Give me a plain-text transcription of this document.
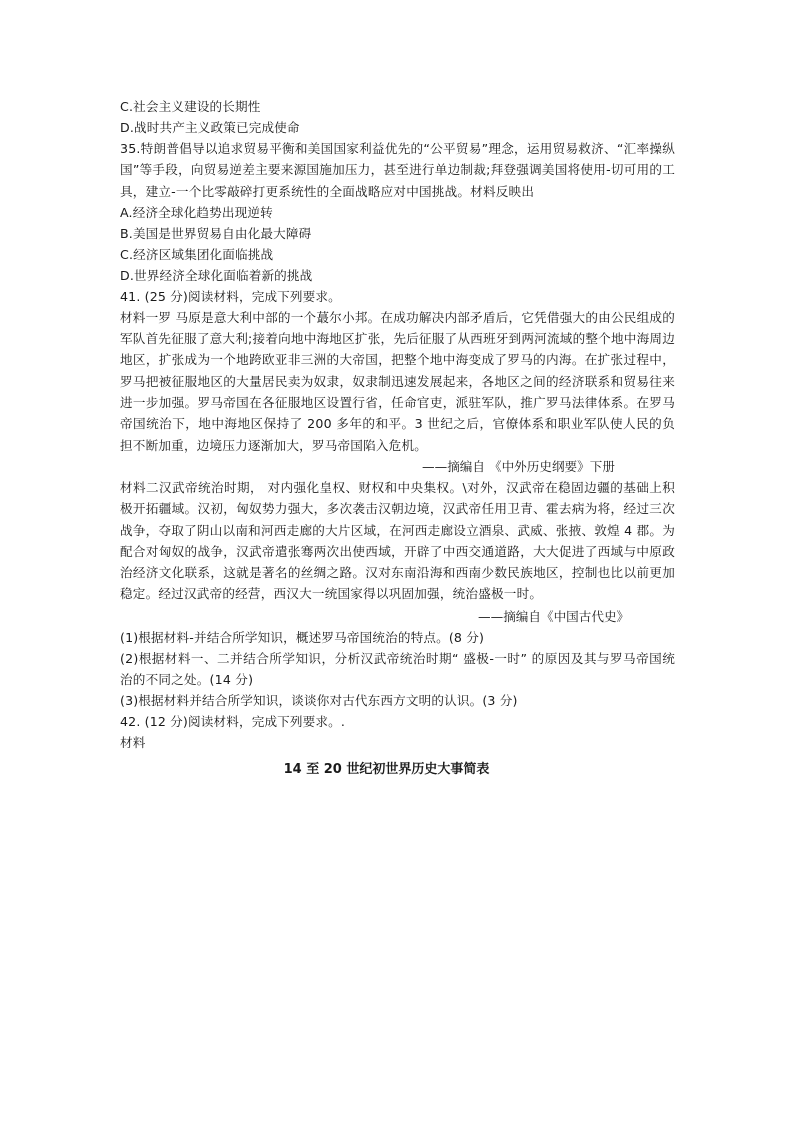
C.社会主义建设的长期性
D.战时共产主义政策已完成使命
35.特朗普倡导以追求贸易平衡和美国国家利益优先的“公平贸易”理念，运用贸易救济、“汇率操纵国”等手段，向贸易逆差主要来源国施加压力，甚至进行单边制裁;拜登强调美国将使用-切可用的工具，建立-一个比零敲碎打更系统性的全面战略应对中国挑战。材料反映出
A.经济全球化趋势出现逆转
B.美国是世界贸易自由化最大障碍
C.经济区域集团化面临挑战
D.世界经济全球化面临着新的挑战
41. (25 分)阅读材料，完成下列要求。
材料一罗 马原是意大利中部的一个蕞尔小邦。在成功解决内部矛盾后，它凭借强大的由公民组成的军队首先征服了意大利;接着向地中海地区扩张，先后征服了从西班牙到两河流域的整个地中海周边地区，扩张成为一个地跨欧亚非三洲的大帝国，把整个地中海变成了罗马的内海。在扩张过程中，罗马把被征服地区的大量居民卖为奴隶，奴隶制迅速发展起来，各地区之间的经济联系和贸易往来进一步加强。罗马帝国在各征服地区设置行省，任命官吏，派驻军队，推广罗马法律体系。在罗马帝国统治下，地中海地区保持了 200 多年的和平。3 世纪之后，官僚体系和职业军队使人民的负担不断加重，边境压力逐渐加大，罗马帝国陷入危机。
——摘编自 《中外历史纲要》下册
材料二汉武帝统治时期， 对内强化皇权、财权和中央集权。\对外，汉武帝在稳固边疆的基础上积极开拓疆域。汉初，匈奴势力强大，多次袭击汉朝边境，汉武帝任用卫青、霍去病为将，经过三次战争，夺取了阴山以南和河西走廊的大片区域，在河西走廊设立酒泉、武威、张掖、敦煌 4 郡。为配合对匈奴的战争，汉武帝遣张骞两次出使西域，开辟了中西交通道路，大大促进了西域与中原政治经济文化联系，这就是著名的丝绸之路。汉对东南沿海和西南少数民族地区，控制也比以前更加稳定。经过汉武帝的经营，西汉大一统国家得以巩固加强，统治盛极一时。
——摘编自《中国古代史》
(1)根据材料-并结合所学知识，概述罗马帝国统治的特点。(8 分)
(2)根据材料一、二并结合所学知识，分析汉武帝统治时期“ 盛极-一时” 的原因及其与罗马帝国统治的不同之处。(14 分)
(3)根据材料并结合所学知识，谈谈你对古代东西方文明的认识。(3 分)
42. (12 分)阅读材料，完成下列要求。.
材料
14 至 20 世纪初世界历史大事简表
